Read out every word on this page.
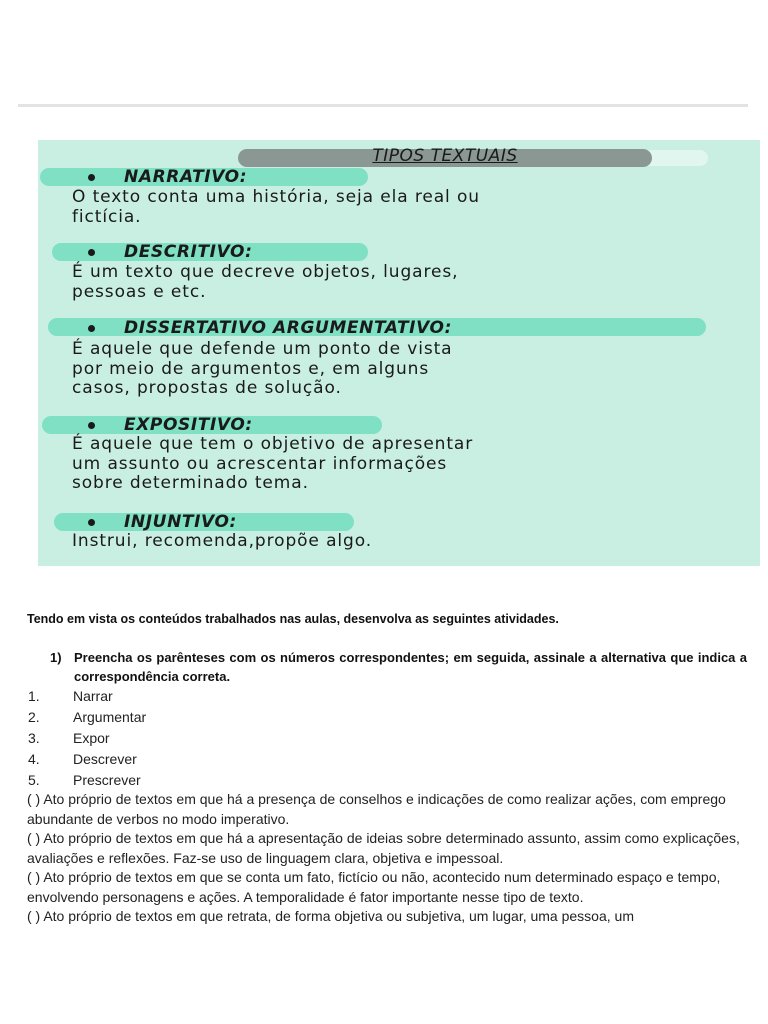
TIPOS TEXTUAIS
NARRATIVO:
O texto conta uma história, seja ela real ou
fictícia.
DESCRITIVO:
É um texto que decreve objetos, lugares,
pessoas e etc.
DISSERTATIVO ARGUMENTATIVO:
É aquele que defende um ponto de vista
por meio de argumentos e, em alguns
casos, propostas de solução.
EXPOSITIVO:
É aquele que tem o objetivo de apresentar
um assunto ou acrescentar informações
sobre determinado tema.
INJUNTIVO:
Instrui, recomenda,propõe algo.
Tendo em vista os conteúdos trabalhados nas aulas, desenvolva as seguintes atividades.
1) Preencha os parênteses com os números correspondentes; em seguida, assinale a alternativa que indica a correspondência correta.
1. Narrar
2. Argumentar
3. Expor
4. Descrever
5. Prescrever

( ) Ato próprio de textos em que há a presença de conselhos e indicações de como realizar ações, com emprego abundante de verbos no modo imperativo.

( ) Ato próprio de textos em que há a apresentação de ideias sobre determinado assunto, assim como explicações, avaliações e reflexões. Faz-se uso de linguagem clara, objetiva e impessoal.

( ) Ato próprio de textos em que se conta um fato, fictício ou não, acontecido num determinado espaço e tempo, envolvendo personagens e ações. A temporalidade é fator importante nesse tipo de texto.

( ) Ato próprio de textos em que retrata, de forma objetiva ou subjetiva, um lugar, uma pessoa, um
